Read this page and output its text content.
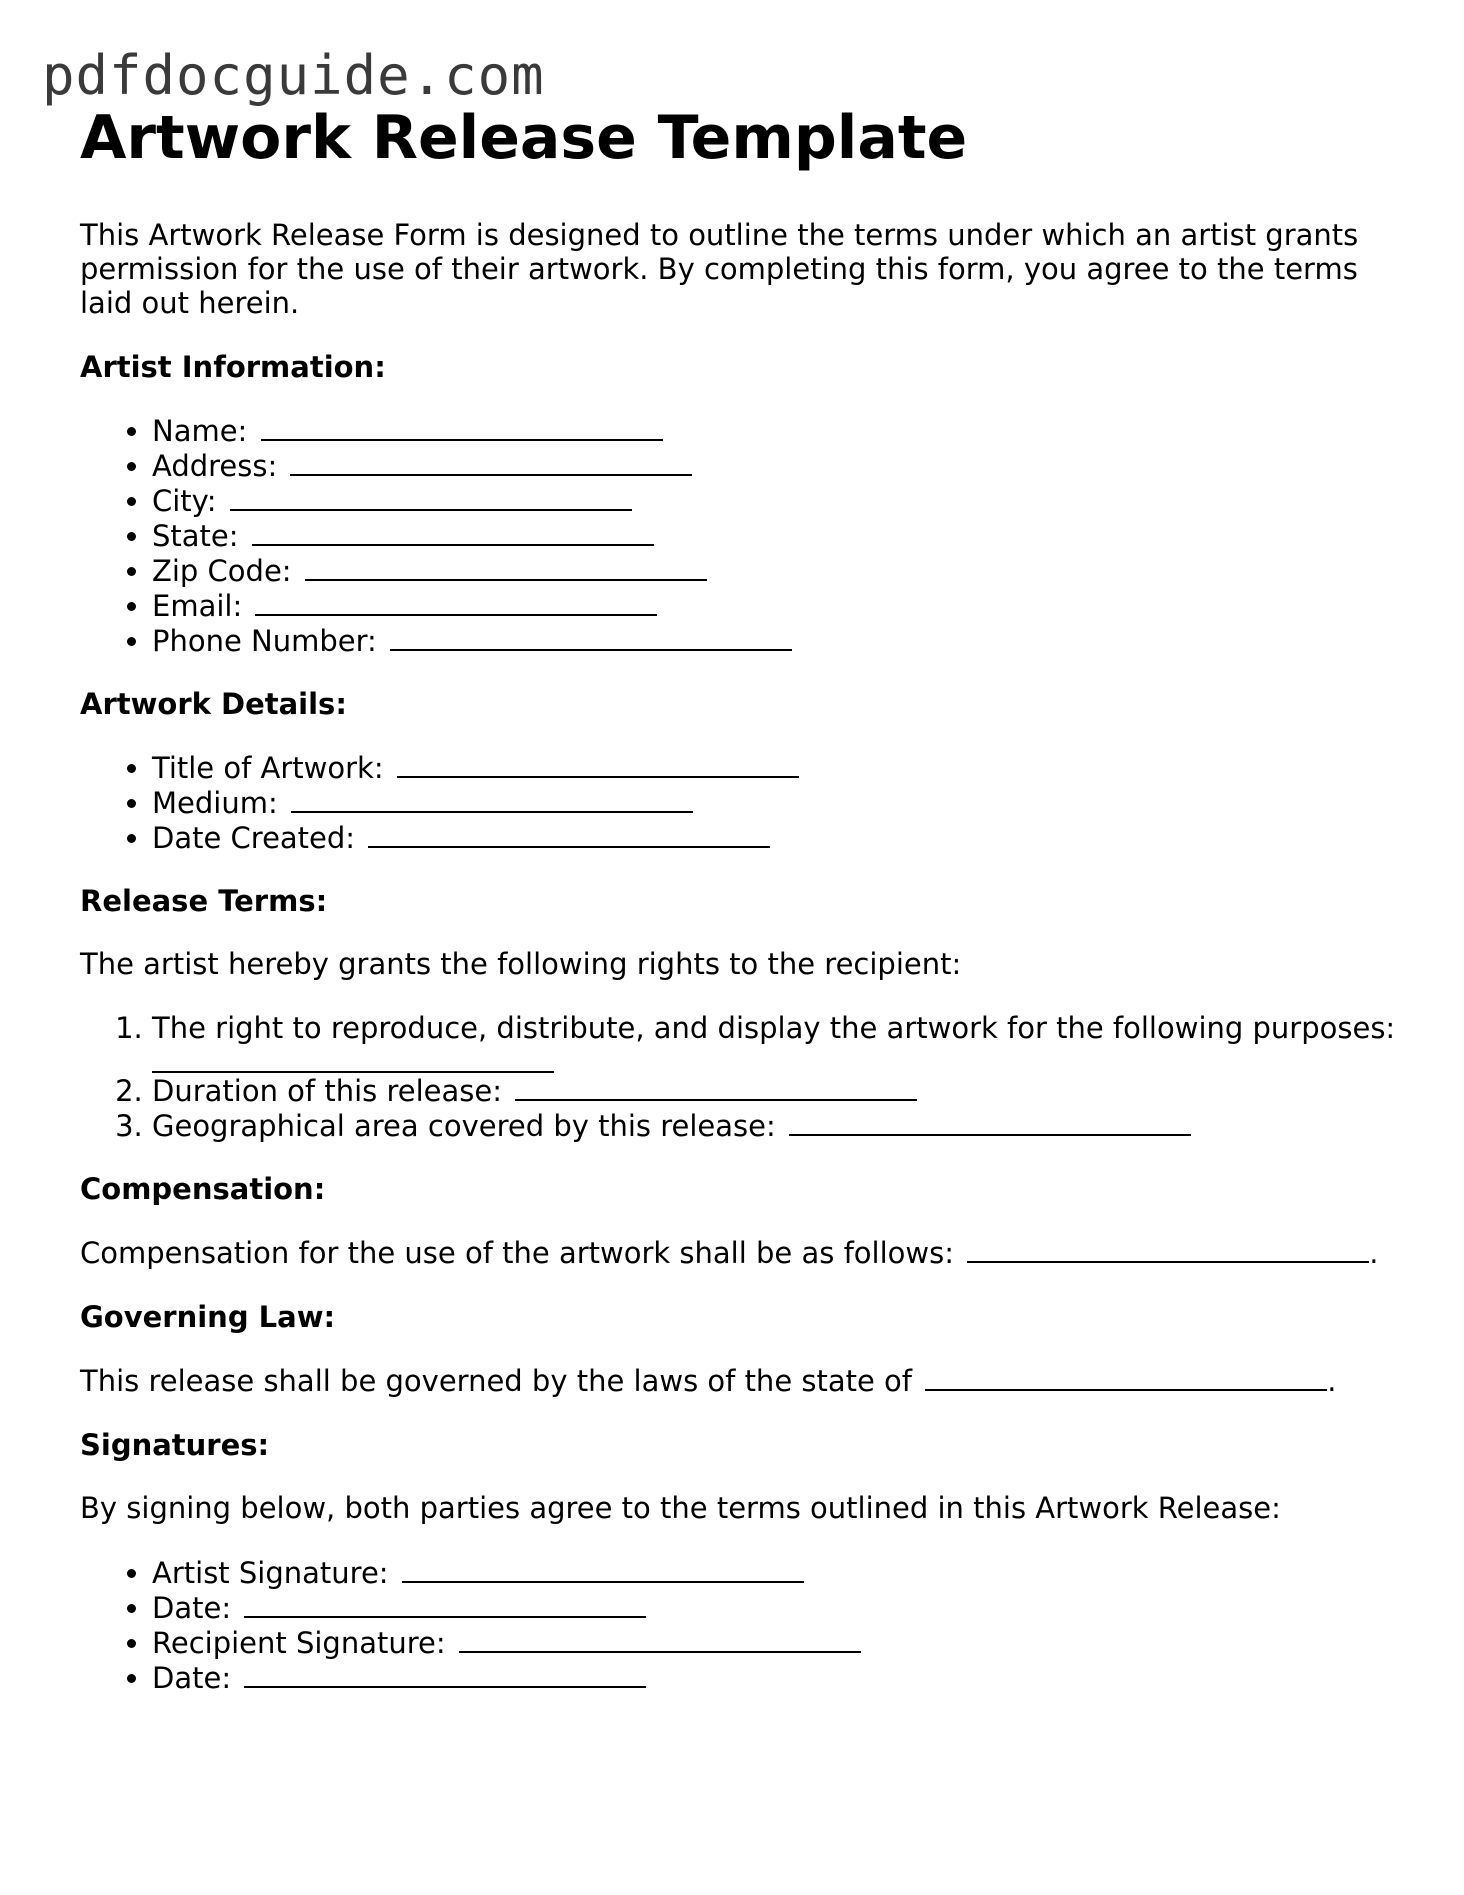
pdfdocguide.com
Artwork Release Template

This Artwork Release Form is designed to outline the terms under which an artist grants permission for the use of their artwork. By completing this form, you agree to the terms laid out herein.

Artist Information:
• Name:
• Address:
• City:
• State:
• Zip Code:
• Email:
• Phone Number:
Artwork Details:
• Title of Artwork:
• Medium:
• Date Created:
Release Terms:

The artist hereby grants the following rights to the recipient:

1. The right to reproduce, distribute, and display the artwork for the following purposes:
2. Duration of this release:
3. Geographical area covered by this release:
Compensation:

Compensation for the use of the artwork shall be as follows:	.

Governing Law:

This release shall be governed by the laws of the state of	.

Signatures:

By signing below, both parties agree to the terms outlined in this Artwork Release:

• Artist Signature:
• Date:
• Recipient Signature:
• Date:
